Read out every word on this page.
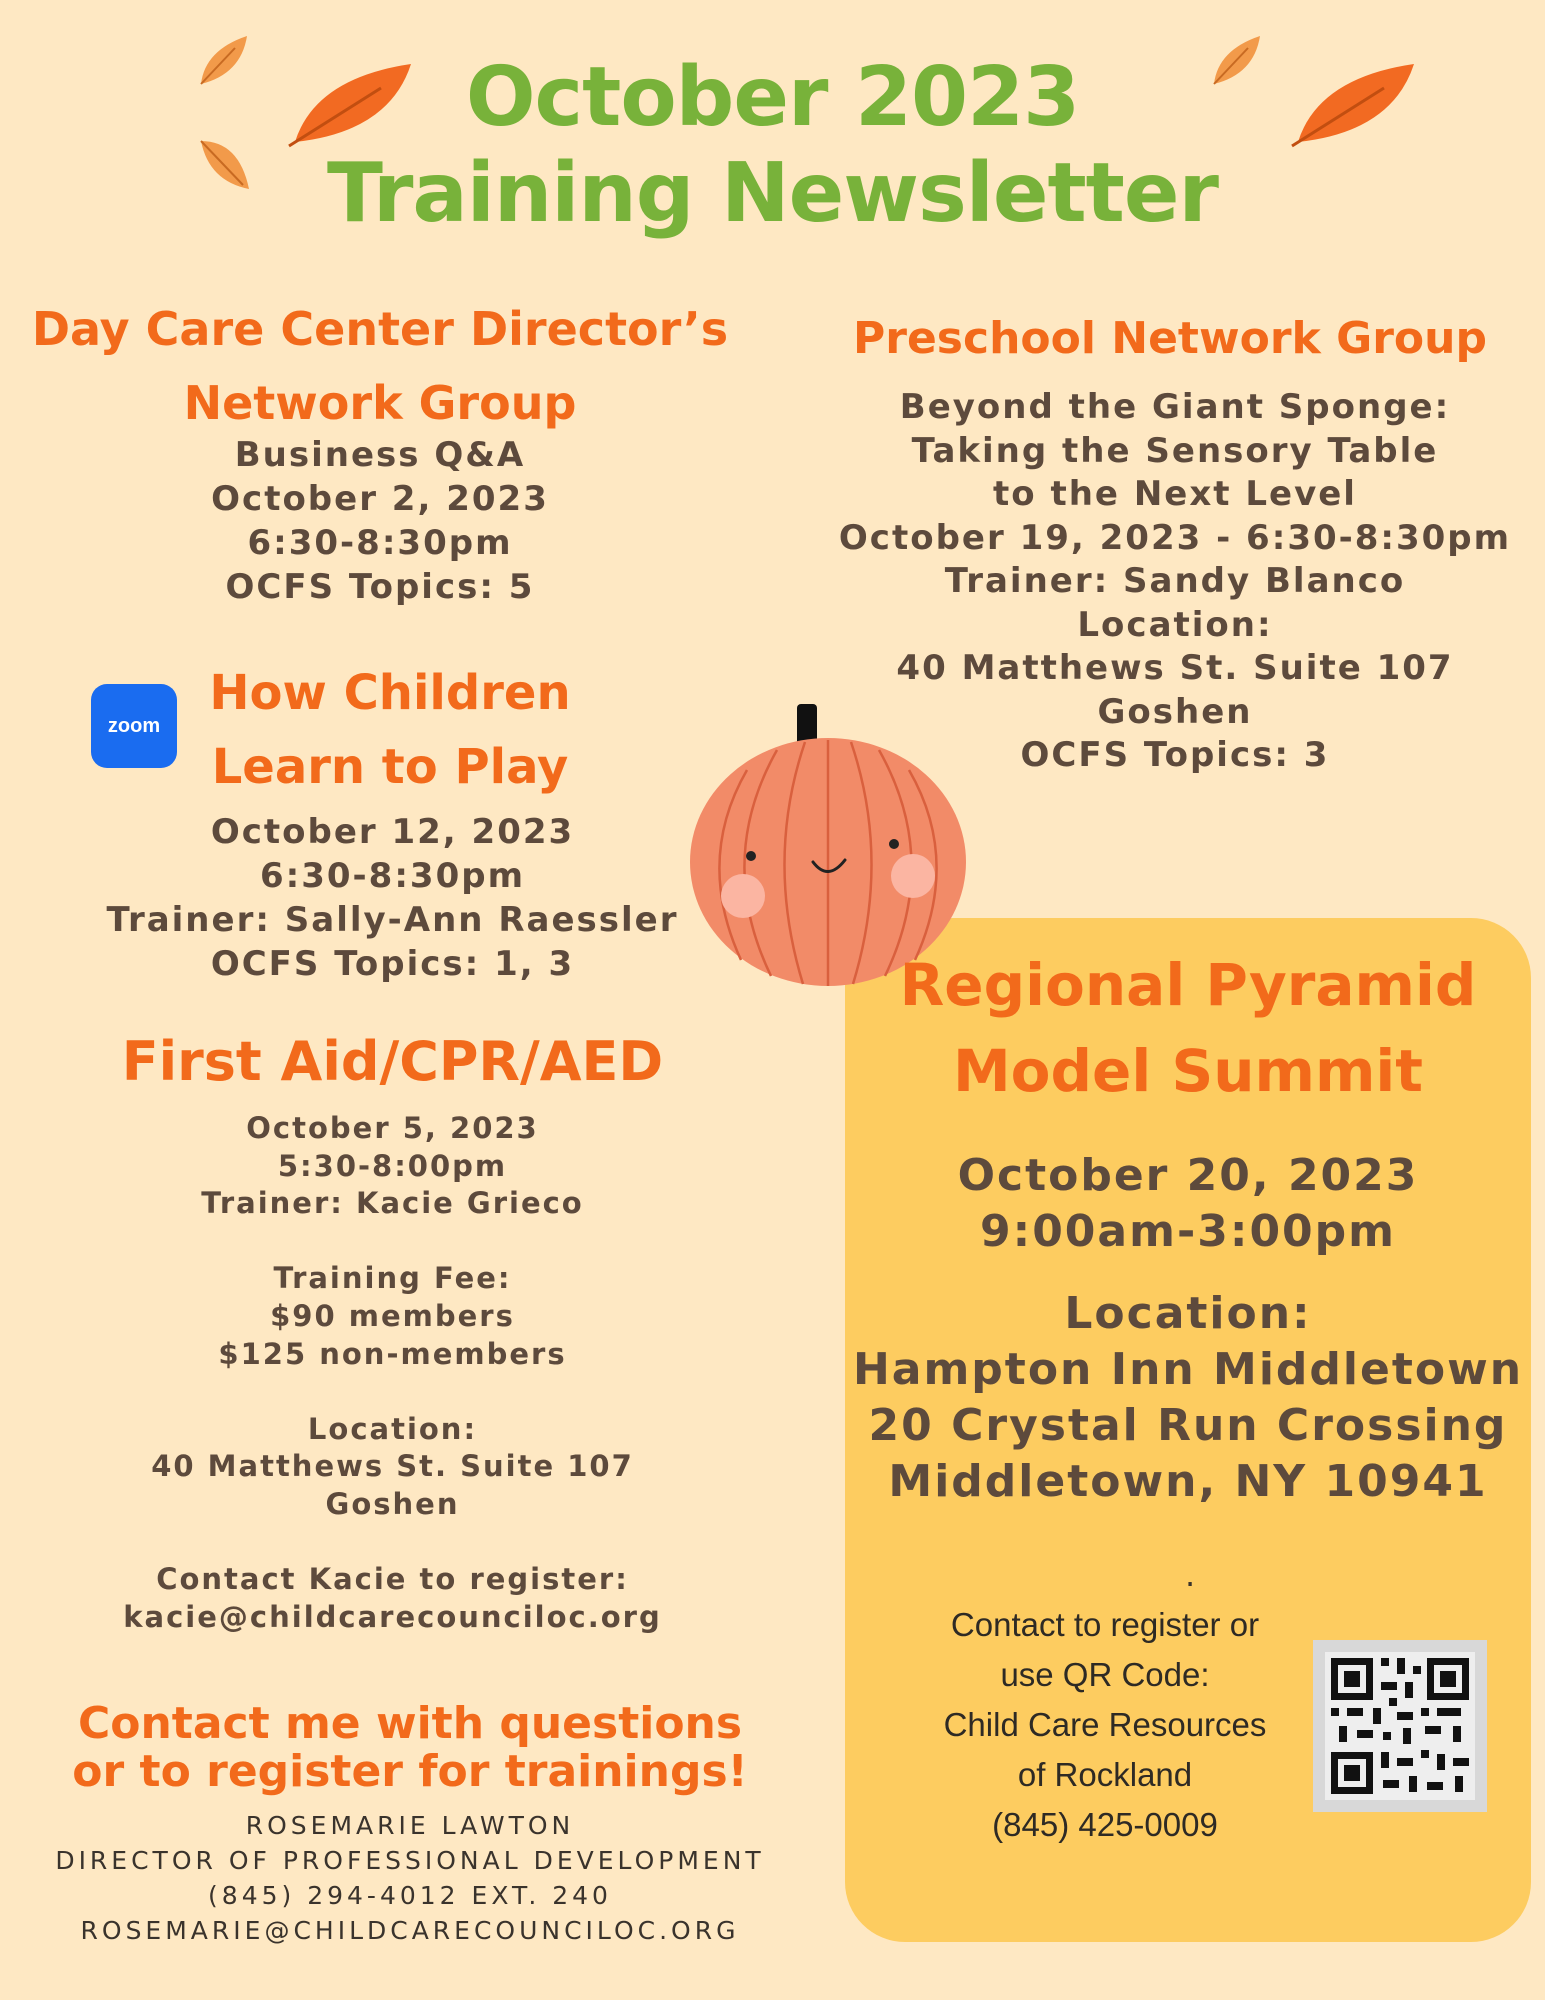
October 2023
Training Newsletter
Day Care Center Director’s
Network Group
Business Q&A
October 2, 2023
6:30-8:30pm
OCFS Topics: 5
zoom
How Children
Learn to Play
October 12, 2023
6:30-8:30pm
Trainer: Sally-Ann Raessler
OCFS Topics: 1, 3
First Aid/CPR/AED
October 5, 2023
5:30-8:00pm
Trainer: Kacie Grieco

Training Fee:
$90 members
$125 non-members

Location:
40 Matthews St. Suite 107
Goshen

Contact Kacie to register:
kacie@childcarecounciloc.org
Contact me with questions
or to register for trainings!
ROSEMARIE LAWTON
DIRECTOR OF PROFESSIONAL DEVELOPMENT
(845) 294-4012 EXT. 240
ROSEMARIE@CHILDCARECOUNCILOC.ORG
Preschool Network Group
Beyond the Giant Sponge:
Taking the Sensory Table
to the Next Level
October 19, 2023 - 6:30-8:30pm
Trainer: Sandy Blanco
Location:
40 Matthews St. Suite 107
Goshen
OCFS Topics: 3
Regional Pyramid
Model Summit
October 20, 2023
9:00am-3:00pm
Location:
Hampton Inn Middletown
20 Crystal Run Crossing
Middletown, NY 10941
.
Contact to register or
use QR Code:
Child Care Resources
of Rockland
(845) 425-0009
